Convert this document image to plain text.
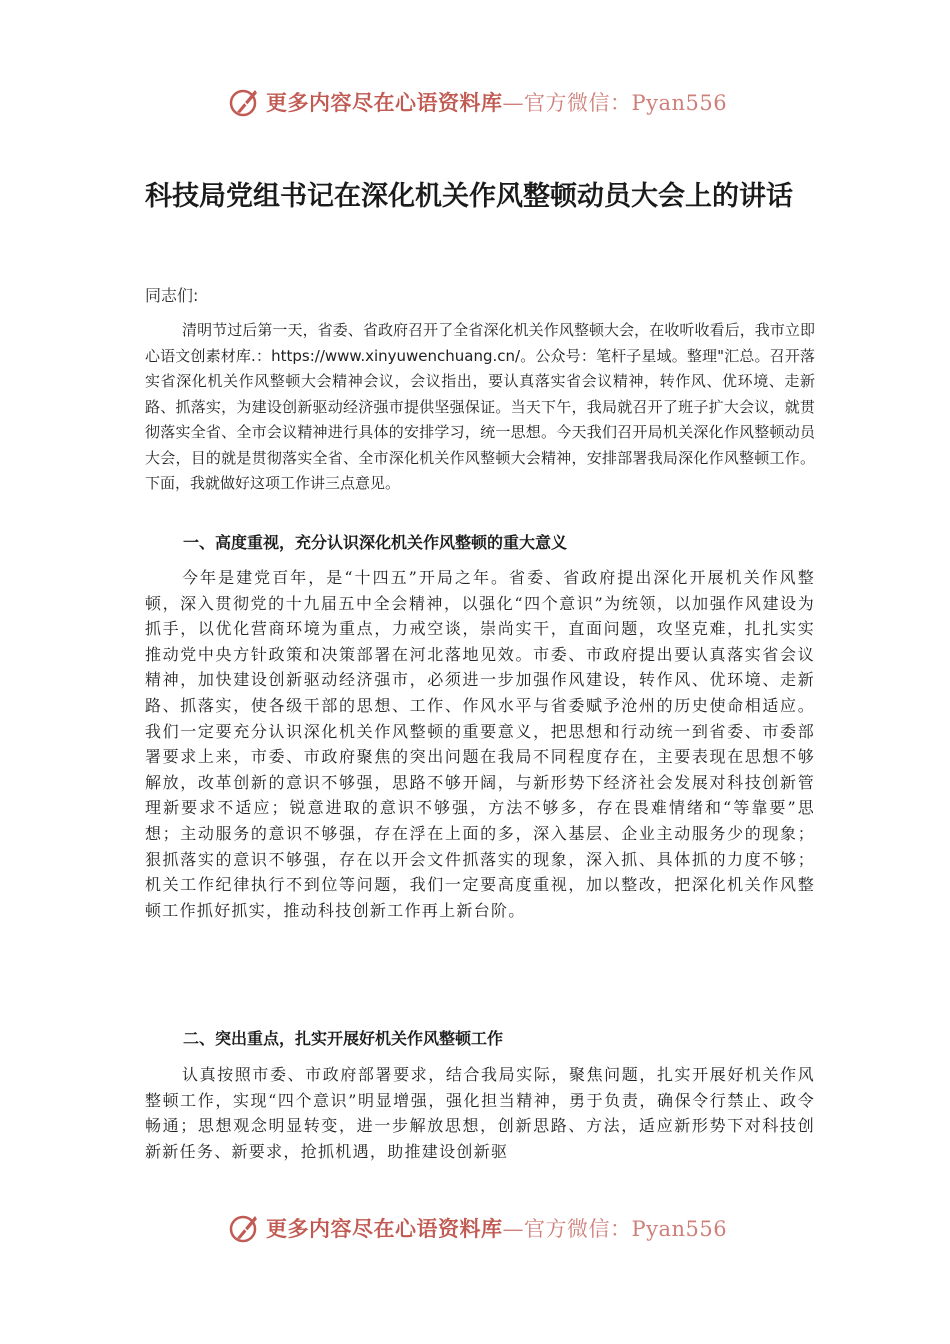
更多内容尽在心语资料库—官方微信：Pyan556
科技局党组书记在深化机关作风整顿动员大会上的讲话
同志们:

清明节过后第一天，省委、省政府召开了全省深化机关作风整顿大会，在收听收看后，我市立即心语文创素材库.：https://www.xinyuwenchuang.cn/。公众号：笔杆子星域。整理"汇总。召开落实省深化机关作风整顿大会精神会议，会议指出，要认真落实省会议精神，转作风、优环境、走新路、抓落实，为建设创新驱动经济强市提供坚强保证。当天下午，我局就召开了班子扩大会议，就贯彻落实全省、全市会议精神进行具体的安排学习，统一思想。今天我们召开局机关深化作风整顿动员大会，目的就是贯彻落实全省、全市深化机关作风整顿大会精神，安排部署我局深化作风整顿工作。下面，我就做好这项工作讲三点意见。

一、高度重视，充分认识深化机关作风整顿的重大意义

今年是建党百年，是“十四五”开局之年。省委、省政府提出深化开展机关作风整顿，深入贯彻党的十九届五中全会精神，以强化“四个意识”为统领，以加强作风建设为抓手，以优化营商环境为重点，力戒空谈，崇尚实干，直面问题，攻坚克难，扎扎实实推动党中央方针政策和决策部署在河北落地见效。市委、市政府提出要认真落实省会议精神，加快建设创新驱动经济强市，必须进一步加强作风建设，转作风、优环境、走新路、抓落实，使各级干部的思想、工作、作风水平与省委赋予沧州的历史使命相适应。我们一定要充分认识深化机关作风整顿的重要意义，把思想和行动统一到省委、市委部署要求上来，市委、市政府聚焦的突出问题在我局不同程度存在，主要表现在思想不够解放，改革创新的意识不够强，思路不够开阔，与新形势下经济社会发展对科技创新管理新要求不适应；锐意进取的意识不够强，方法不够多，存在畏难情绪和“等靠要”思想；主动服务的意识不够强，存在浮在上面的多，深入基层、企业主动服务少的现象；狠抓落实的意识不够强，存在以开会文件抓落实的现象，深入抓、具体抓的力度不够；机关工作纪律执行不到位等问题，我们一定要高度重视，加以整改，把深化机关作风整顿工作抓好抓实，推动科技创新工作再上新台阶。

二、突出重点，扎实开展好机关作风整顿工作

认真按照市委、市政府部署要求，结合我局实际，聚焦问题，扎实开展好机关作风整顿工作，实现“四个意识”明显增强，强化担当精神，勇于负责，确保令行禁止、政令畅通；思想观念明显转变，进一步解放思想，创新思路、方法，适应新形势下对科技创新新任务、新要求，抢抓机遇，助推建设创新驱

更多内容尽在心语资料库—官方微信：Pyan556
